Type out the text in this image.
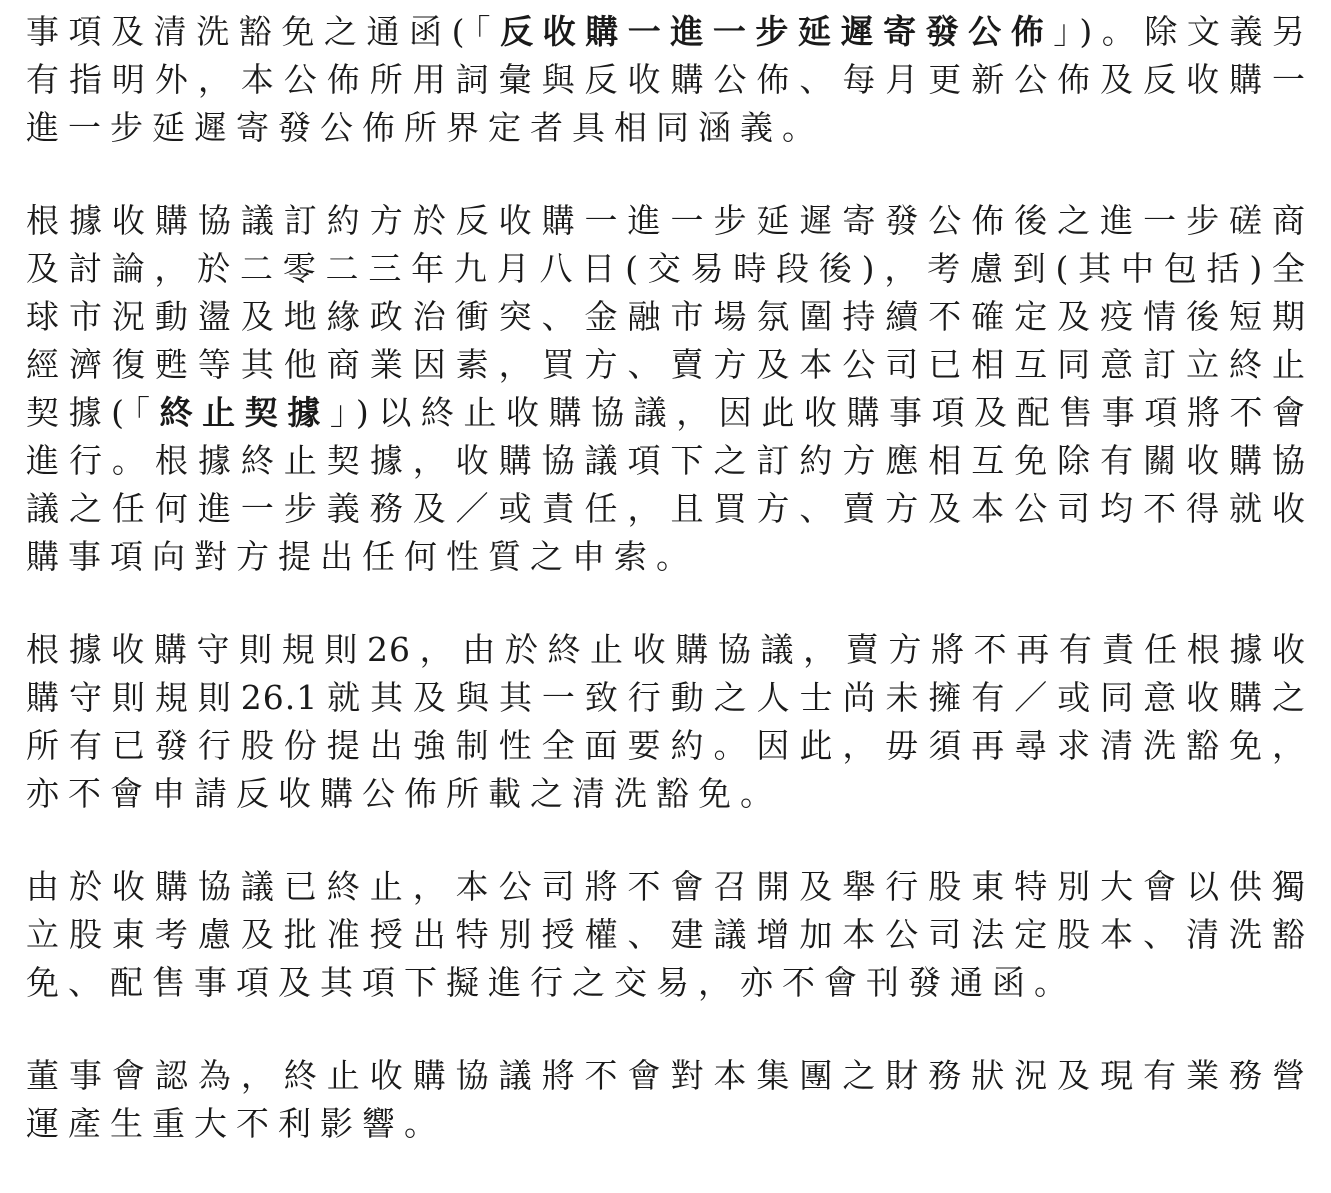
事項及清洗豁免之通函(「反收購一進一步延遲寄發公佈」)。除文義另
有指明外，本公佈所用詞彙與反收購公佈、每月更新公佈及反收購一
進一步延遲寄發公佈所界定者具相同涵義。
根據收購協議訂約方於反收購一進一步延遲寄發公佈後之進一步磋商
及討論，於二零二三年九月八日(交易時段後)，考慮到(其中包括)全
球市況動盪及地緣政治衝突、金融市場氛圍持續不確定及疫情後短期
經濟復甦等其他商業因素，買方、賣方及本公司已相互同意訂立終止
契據(「終止契據」)以終止收購協議，因此收購事項及配售事項將不會
進行。根據終止契據，收購協議項下之訂約方應相互免除有關收購協
議之任何進一步義務及／或責任，且買方、賣方及本公司均不得就收
購事項向對方提出任何性質之申索。
根據收購守則規則26，由於終止收購協議，賣方將不再有責任根據收
購守則規則26.1就其及與其一致行動之人士尚未擁有／或同意收購之
所有已發行股份提出強制性全面要約。因此，毋須再尋求清洗豁免，
亦不會申請反收購公佈所載之清洗豁免。
由於收購協議已終止，本公司將不會召開及舉行股東特別大會以供獨
立股東考慮及批准授出特別授權、建議增加本公司法定股本、清洗豁
免、配售事項及其項下擬進行之交易，亦不會刊發通函。
董事會認為，終止收購協議將不會對本集團之財務狀況及現有業務營
運產生重大不利影響。
